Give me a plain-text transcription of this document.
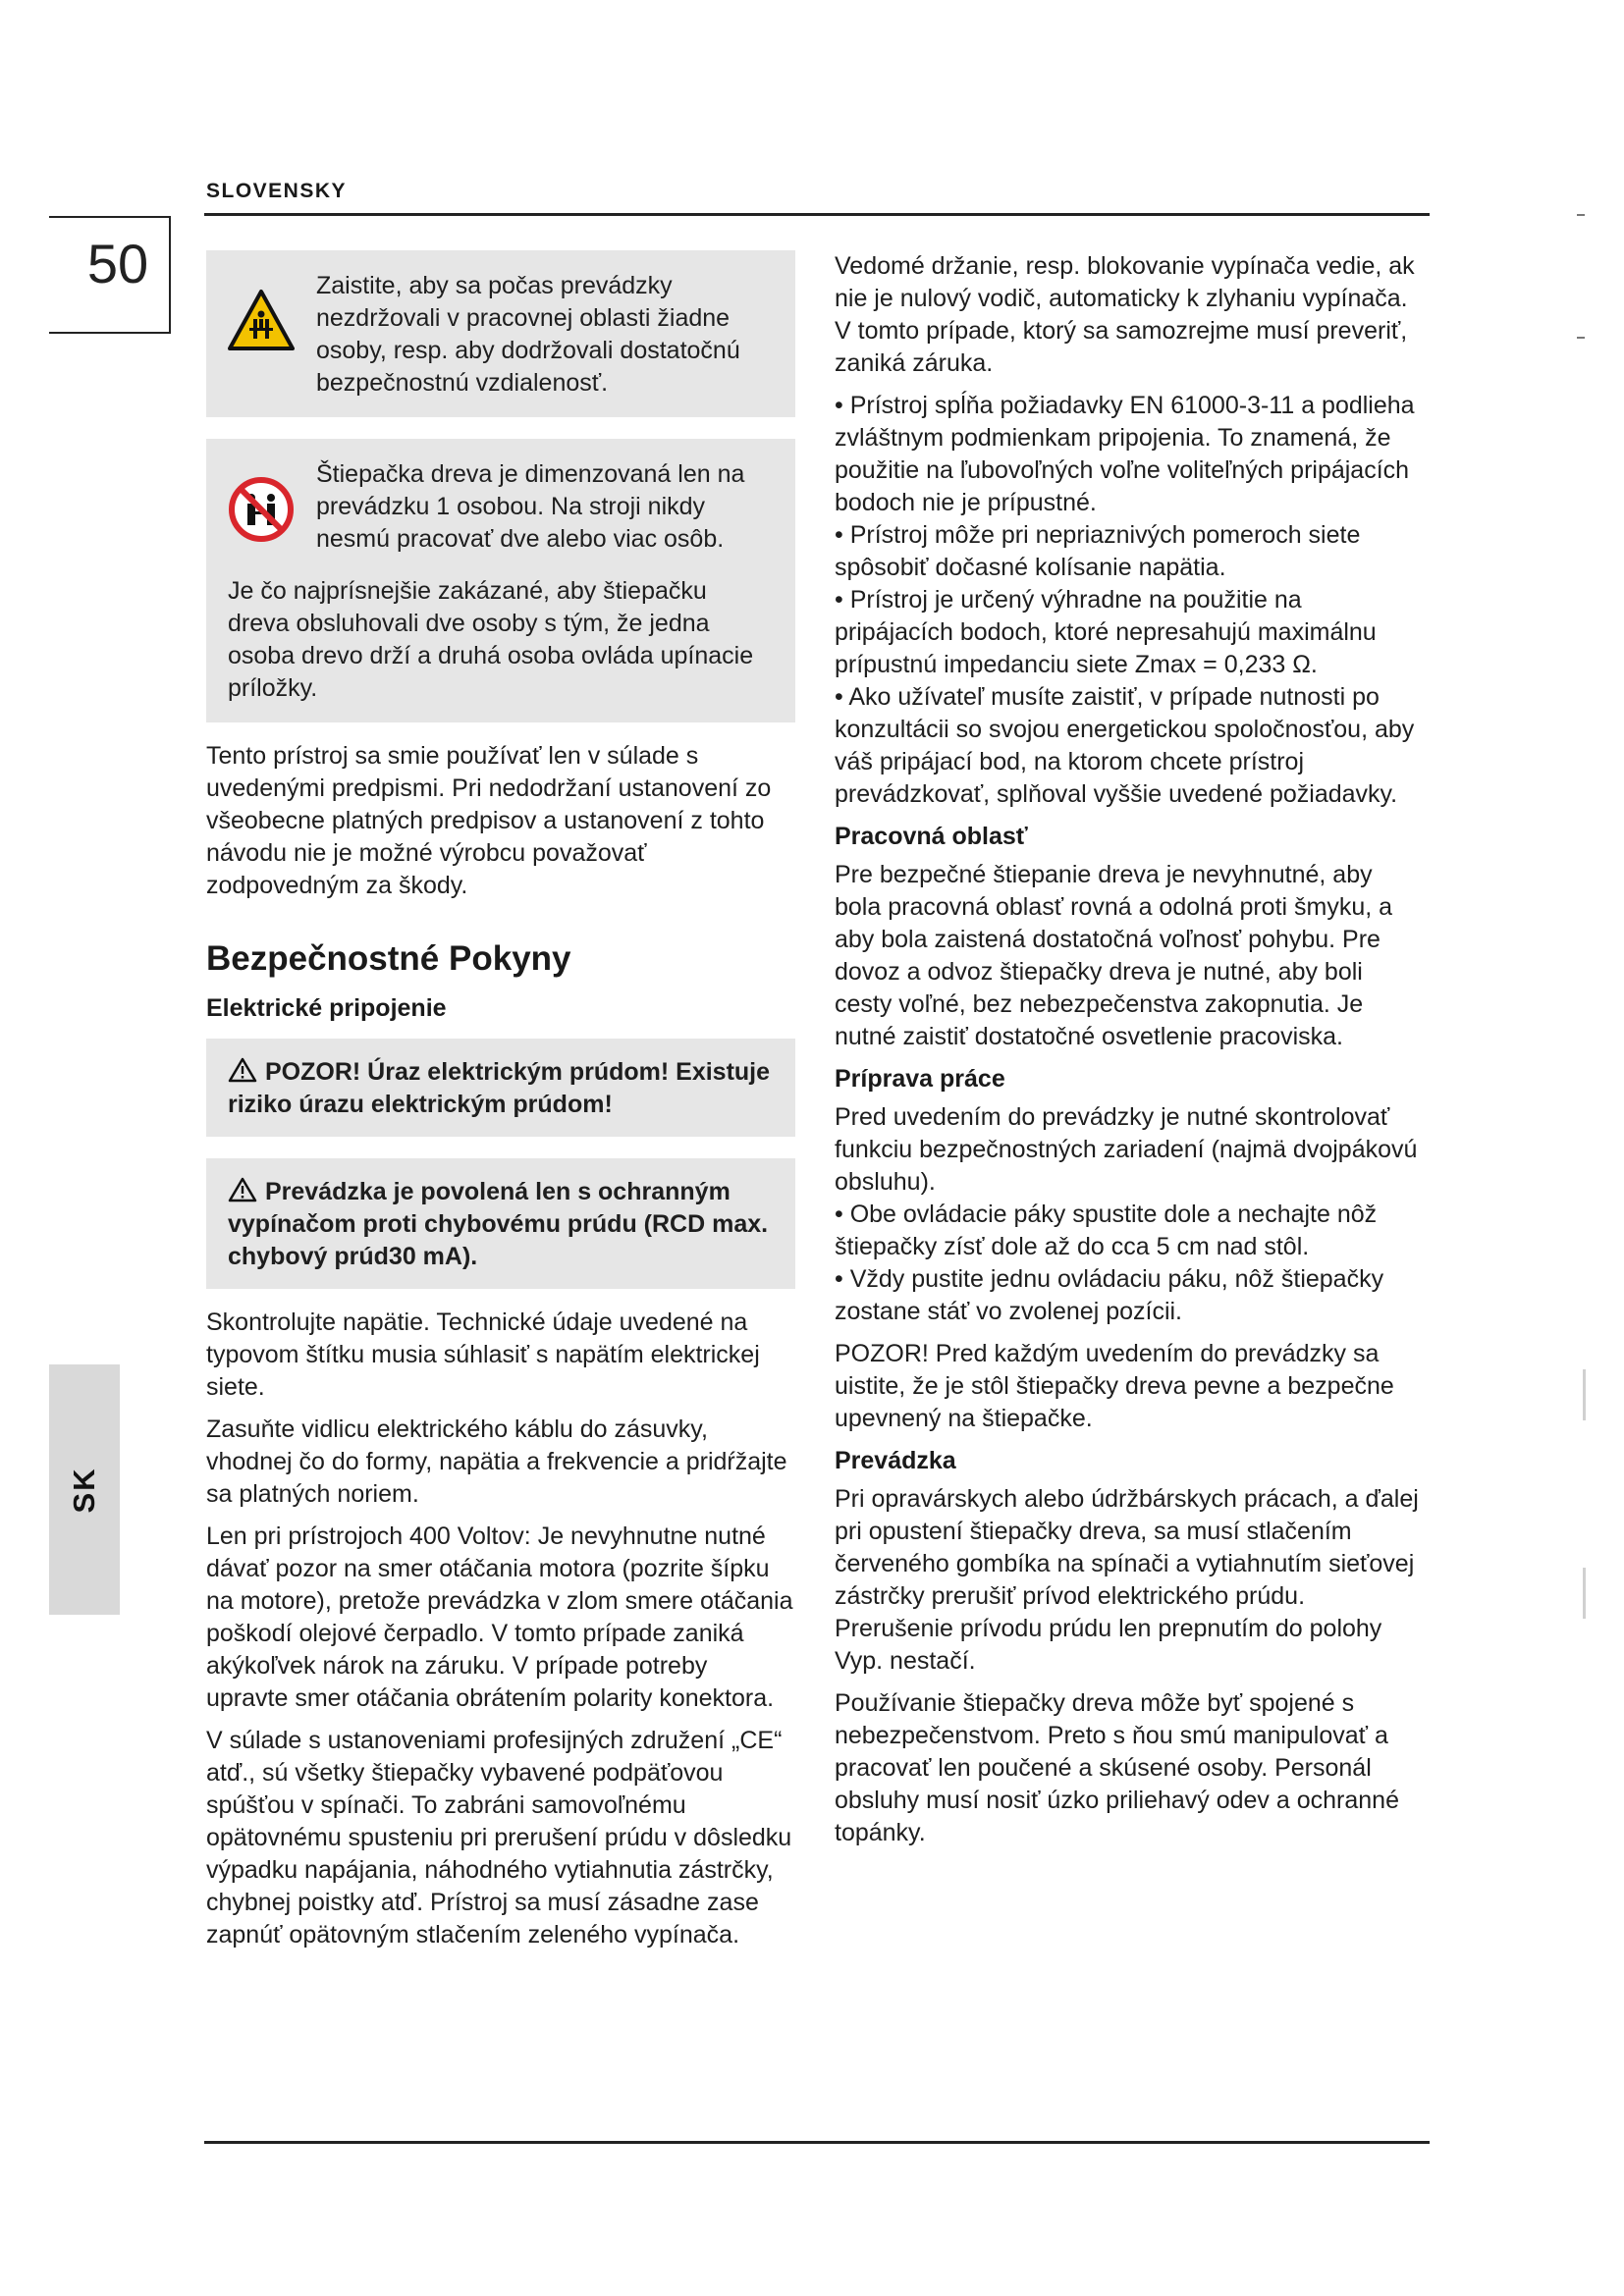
SLOVENSKY
50
SK
Zaistite, aby sa počas prevádzky nezdržovali v pracovnej oblasti žiadne osoby, resp. aby dodržovali dostatočnú bezpečnostnú vzdialenosť.
Štiepačka dreva je dimenzovaná len na prevádzku 1 osobou. Na stroji nikdy nesmú pracovať dve alebo viac osôb.
Je čo najprísnejšie zakázané, aby štiepačku dreva obsluhovali dve osoby s tým, že jedna osoba drevo drží a druhá osoba ovláda upínacie príložky.

Tento prístroj sa smie používať len v súlade s uvedenými predpismi. Pri nedodržaní ustanovení zo všeobecne platných predpisov a ustanovení z tohto návodu nie je možné výrobcu považovať zodpovedným za škody.

Bezpečnostné Pokyny
Elektrické pripojenie
POZOR! Úraz elektrickým prúdom! Existuje riziko úrazu elektrickým prúdom!
Prevádzka je povolená len s ochranným vypínačom proti chybovému prúdu (RCD max. chybový prúd30 mA).

Skontrolujte napätie. Technické údaje uvedené na typovom štítku musia súhlasiť s napätím elektrickej siete.

Zasuňte vidlicu elektrického káblu do zásuvky, vhodnej čo do formy, napätia a frekvencie a pridŕžajte sa platných noriem.

Len pri prístrojoch 400 Voltov: Je nevyhnutne nutné dávať pozor na smer otáčania motora (pozrite šípku na motore), pretože prevádzka v zlom smere otáčania poškodí olejové čerpadlo. V tomto prípade zaniká akýkoľvek nárok na záruku. V prípade potreby upravte smer otáčania obrátením polarity konektora.

V súlade s ustanoveniami profesijných združení „CE“ atď., sú všetky štiepačky vybavené podpäťovou spúšťou v spínači. To zabráni samovoľnému opätovnému spusteniu pri prerušení prúdu v dôsledku výpadku napájania, náhodného vytiahnutia zástrčky, chybnej poistky atď. Prístroj sa musí zásadne zase zapnúť opätovným stlačením zeleného vypínača.

Vedomé držanie, resp. blokovanie vypínača vedie, ak nie je nulový vodič, automaticky k zlyhaniu vypínača. V tomto prípade, ktorý sa samozrejme musí preveriť, zaniká záruka.

• Prístroj spĺňa požiadavky EN 61000-3-11 a podlieha zvláštnym podmienkam pripojenia. To znamená, že použitie na ľubovoľných voľne voliteľných pripájacích bodoch nie je prípustné.

• Prístroj môže pri nepriaznivých pomeroch siete spôsobiť dočasné kolísanie napätia.

• Prístroj je určený výhradne na použitie na pripájacích bodoch, ktoré nepresahujú maximálnu prípustnú impedanciu siete Zmax = 0,233 Ω.

• Ako užívateľ musíte zaistiť, v prípade nutnosti po konzultácii so svojou energetickou spoločnosťou, aby váš pripájací bod, na ktorom chcete prístroj prevádzkovať, splňoval vyššie uvedené požiadavky.

Pracovná oblasť

Pre bezpečné štiepanie dreva je nevyhnutné, aby bola pracovná oblasť rovná a odolná proti šmyku, a aby bola zaistená dostatočná voľnosť pohybu. Pre dovoz a odvoz štiepačky dreva je nutné, aby boli cesty voľné, bez nebezpečenstva zakopnutia. Je nutné zaistiť dostatočné osvetlenie pracoviska.

Príprava práce

Pred uvedením do prevádzky je nutné skontrolovať funkciu bezpečnostných zariadení (najmä dvojpákovú obsluhu).

• Obe ovládacie páky spustite dole a nechajte nôž štiepačky zísť dole až do cca 5 cm nad stôl.

• Vždy pustite jednu ovládaciu páku, nôž štiepačky zostane stáť vo zvolenej pozícii.

POZOR! Pred každým uvedením do prevádzky sa uistite, že je stôl štiepačky dreva pevne a bezpečne upevnený na štiepačke.

Prevádzka

Pri opravárskych alebo údržbárskych prácach, a ďalej pri opustení štiepačky dreva, sa musí stlačením červeného gombíka na spínači a vytiahnutím sieťovej zástrčky prerušiť prívod elektrického prúdu. Prerušenie prívodu prúdu len prepnutím do polohy Vyp. nestačí.

Používanie štiepačky dreva môže byť spojené s nebezpečenstvom. Preto s ňou smú manipulovať a pracovať len poučené a skúsené osoby. Personál obsluhy musí nosiť úzko priliehavý odev a ochranné topánky.
